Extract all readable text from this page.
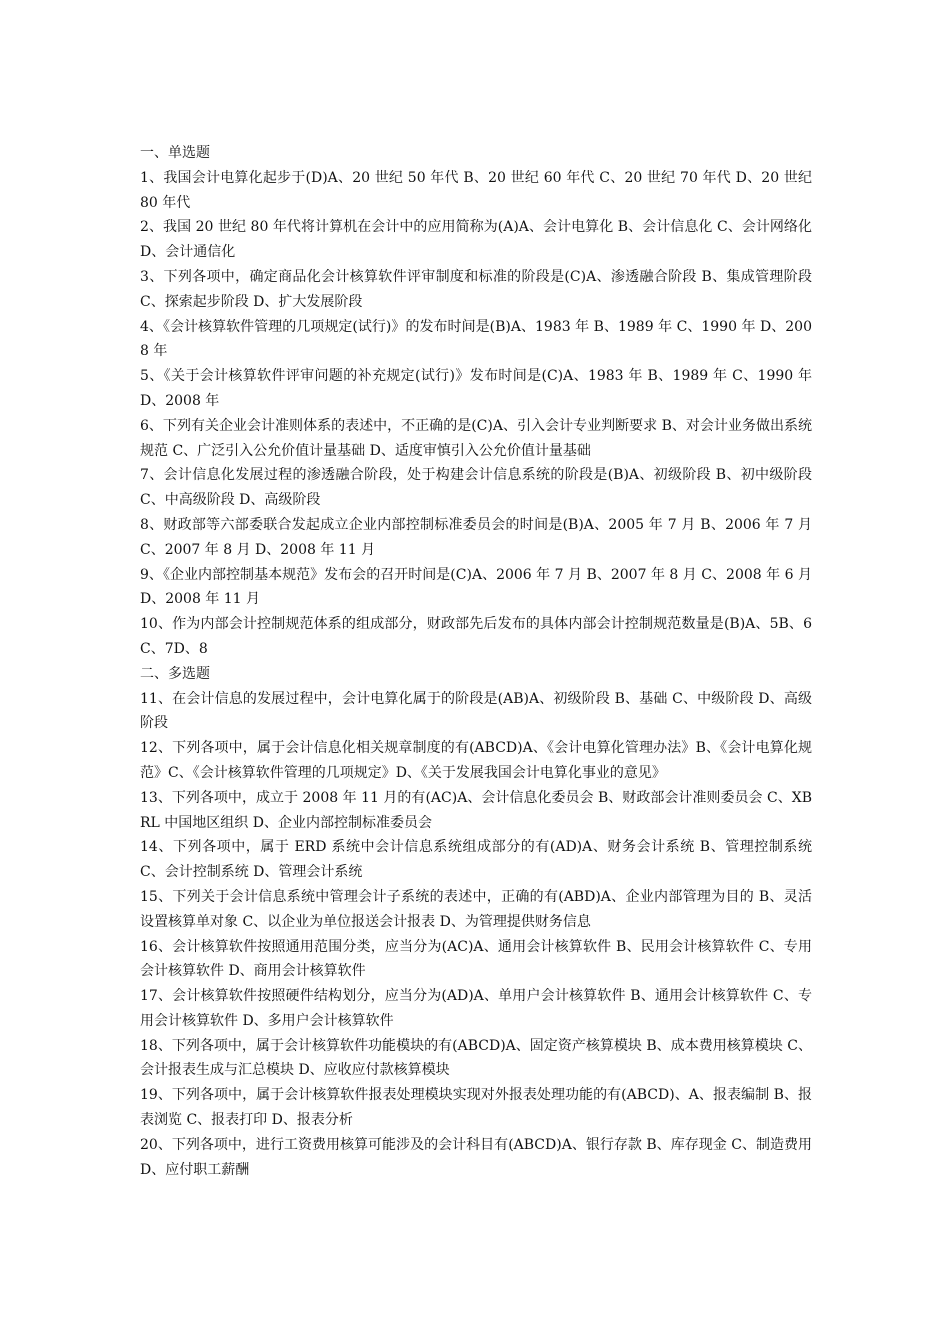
一、单选题
1、我国会计电算化起步于(D)A、20 世纪 50 年代 B、20 世纪 60 年代 C、20 世纪 70 年代 D、20 世纪 80 年代
2、我国 20 世纪 80 年代将计算机在会计中的应用简称为(A)A、会计电算化 B、会计信息化 C、会计网络化 D、会计通信化
3、下列各项中，确定商品化会计核算软件评审制度和标准的阶段是(C)A、渗透融合阶段 B、集成管理阶段 C、探索起步阶段 D、扩大发展阶段
4、《会计核算软件管理的几项规定(试行)》的发布时间是(B)A、1983 年 B、1989 年 C、1990 年 D、2008 年
5、《关于会计核算软件评审问题的补充规定(试行)》发布时间是(C)A、1983 年 B、1989 年 C、1990 年 D、2008 年
6、下列有关企业会计准则体系的表述中，不正确的是(C)A、引入会计专业判断要求 B、对会计业务做出系统规范 C、广泛引入公允价值计量基础 D、适度审慎引入公允价值计量基础
7、会计信息化发展过程的渗透融合阶段，处于构建会计信息系统的阶段是(B)A、初级阶段 B、初中级阶段 C、中高级阶段 D、高级阶段
8、财政部等六部委联合发起成立企业内部控制标准委员会的时间是(B)A、2005 年 7 月 B、2006 年 7 月 C、2007 年 8 月 D、2008 年 11 月
9、《企业内部控制基本规范》发布会的召开时间是(C)A、2006 年 7 月 B、2007 年 8 月 C、2008 年 6 月 D、2008 年 11 月
10、作为内部会计控制规范体系的组成部分，财政部先后发布的具体内部会计控制规范数量是(B)A、5B、6C、7D、8
二、多选题
11、在会计信息的发展过程中，会计电算化属于的阶段是(AB)A、初级阶段 B、基础 C、中级阶段 D、高级阶段
12、下列各项中，属于会计信息化相关规章制度的有(ABCD)A、《会计电算化管理办法》B、《会计电算化规范》C、《会计核算软件管理的几项规定》D、《关于发展我国会计电算化事业的意见》
13、下列各项中，成立于 2008 年 11 月的有(AC)A、会计信息化委员会 B、财政部会计准则委员会 C、XBRL 中国地区组织 D、企业内部控制标准委员会
14、下列各项中，属于 ERD 系统中会计信息系统组成部分的有(AD)A、财务会计系统 B、管理控制系统 C、会计控制系统 D、管理会计系统
15、下列关于会计信息系统中管理会计子系统的表述中，正确的有(ABD)A、企业内部管理为目的 B、灵活设置核算单对象 C、以企业为单位报送会计报表 D、为管理提供财务信息
16、会计核算软件按照通用范围分类，应当分为(AC)A、通用会计核算软件 B、民用会计核算软件 C、专用会计核算软件 D、商用会计核算软件
17、会计核算软件按照硬件结构划分，应当分为(AD)A、单用户会计核算软件 B、通用会计核算软件 C、专用会计核算软件 D、多用户会计核算软件
18、下列各项中，属于会计核算软件功能模块的有(ABCD)A、固定资产核算模块 B、成本费用核算模块 C、会计报表生成与汇总模块 D、应收应付款核算模块
19、下列各项中，属于会计核算软件报表处理模块实现对外报表处理功能的有(ABCD)、A、报表编制 B、报表浏览 C、报表打印 D、报表分析
20、下列各项中，进行工资费用核算可能涉及的会计科目有(ABCD)A、银行存款 B、库存现金 C、制造费用 D、应付职工薪酬
